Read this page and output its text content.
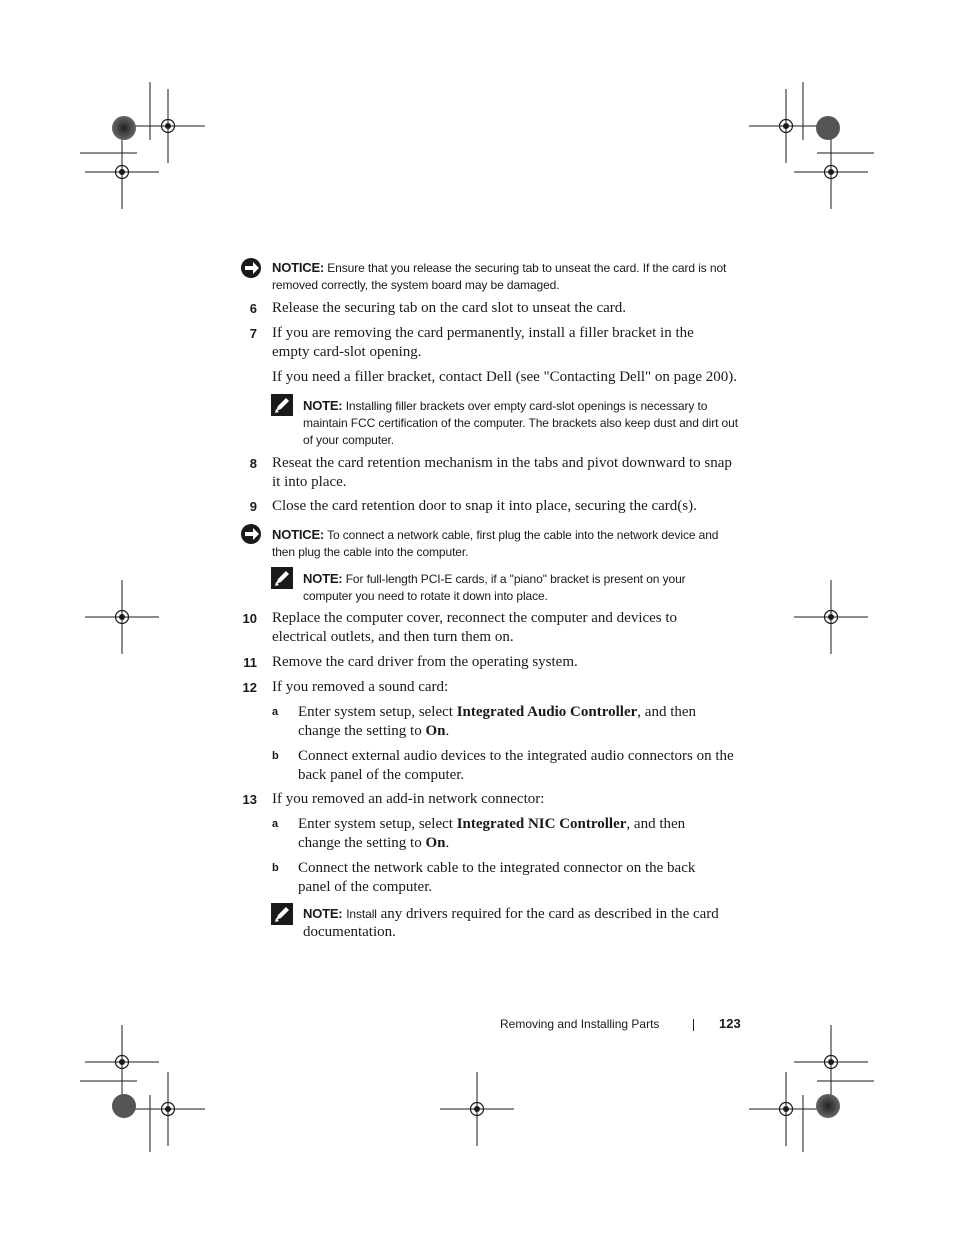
NOTICE: Ensure that you release the securing tab to unseat the card. If the card is not removed correctly, the system board may be damaged.
6 Release the securing tab on the card slot to unseat the card.
7 If you are removing the card permanently, install a filler bracket in the empty card-slot opening.
If you need a filler bracket, contact Dell (see "Contacting Dell" on page 200).
NOTE: Installing filler brackets over empty card-slot openings is necessary to maintain FCC certification of the computer. The brackets also keep dust and dirt out of your computer.
8 Reseat the card retention mechanism in the tabs and pivot downward to snap it into place.
9 Close the card retention door to snap it into place, securing the card(s).
NOTICE: To connect a network cable, first plug the cable into the network device and then plug the cable into the computer.
NOTE: For full-length PCI-E cards, if a "piano" bracket is present on your computer you need to rotate it down into place.
10 Replace the computer cover, reconnect the computer and devices to electrical outlets, and then turn them on.
11 Remove the card driver from the operating system.
12 If you removed a sound card:
a Enter system setup, select Integrated Audio Controller, and then change the setting to On.
b Connect external audio devices to the integrated audio connectors on the back panel of the computer.
13 If you removed an add-in network connector:
a Enter system setup, select Integrated NIC Controller, and then change the setting to On.
b Connect the network cable to the integrated connector on the back panel of the computer.
NOTE: Install any drivers required for the card as described in the card documentation.
Removing and Installing Parts	123
